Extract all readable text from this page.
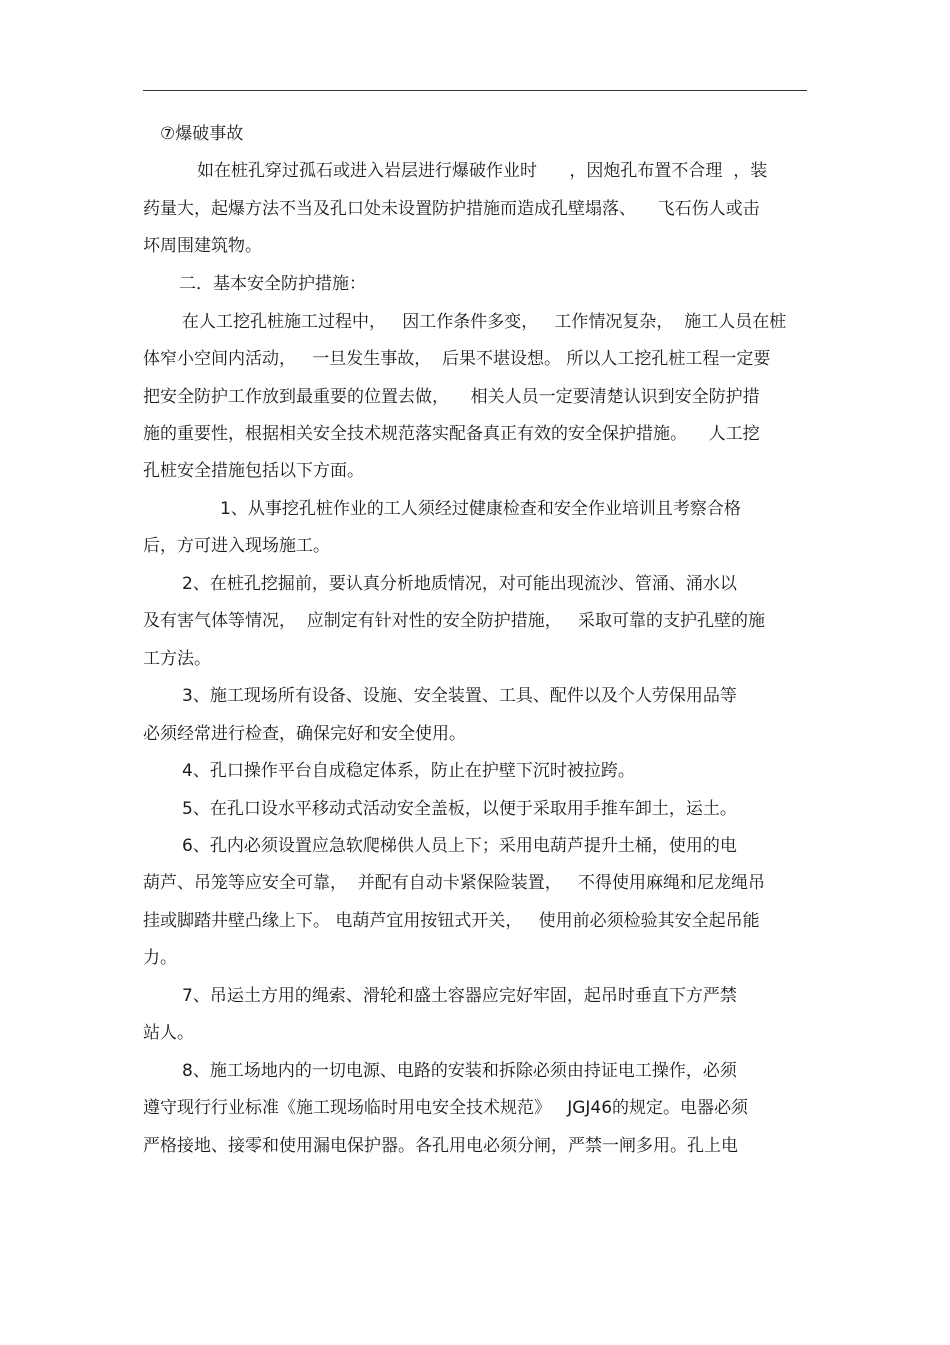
⑦爆破事故
如在桩孔穿过孤石或进入岩层进行爆破作业时      ，因炮孔布置不合理  ，装
药量大，起爆方法不当及孔口处未设置防护措施而造成孔壁塌落、    飞石伤人或击
坏周围建筑物。
二．基本安全防护措施：
在人工挖孔桩施工过程中，   因工作条件多变，   工作情况复杂，  施工人员在桩
体窄小空间内活动，   一旦发生事故，  后果不堪设想。 所以人工挖孔桩工程一定要
把安全防护工作放到最重要的位置去做，    相关人员一定要清楚认识到安全防护措
施的重要性，根据相关安全技术规范落实配备真正有效的安全保护措施。    人工挖
孔桩安全措施包括以下方面。
1、从事挖孔桩作业的工人须经过健康检查和安全作业培训且考察合格
后，方可进入现场施工。
2、在桩孔挖掘前，要认真分析地质情况，对可能出现流沙、管涌、涌水以
及有害气体等情况，  应制定有针对性的安全防护措施，   采取可靠的支护孔壁的施
工方法。
3、施工现场所有设备、设施、安全装置、工具、配件以及个人劳保用品等
必须经常进行检查，确保完好和安全使用。
4、孔口操作平台自成稳定体系，防止在护壁下沉时被拉跨。
5、在孔口设水平移动式活动安全盖板，以便于采取用手推车卸土，运土。
6、孔内必须设置应急软爬梯供人员上下；采用电葫芦提升土桶，使用的电
葫芦、吊笼等应安全可靠，  并配有自动卡紧保险装置，   不得使用麻绳和尼龙绳吊
挂或脚踏井壁凸缘上下。 电葫芦宜用按钮式开关，   使用前必须检验其安全起吊能
力。
7、吊运土方用的绳索、滑轮和盛土容器应完好牢固，起吊时垂直下方严禁
站人。
8、施工场地内的一切电源、电路的安装和拆除必须由持证电工操作，必须
遵守现行行业标准《施工现场临时用电安全技术规范》   JGJ46的规定。电器必须
严格接地、接零和使用漏电保护器。各孔用电必须分闸，严禁一闸多用。孔上电
